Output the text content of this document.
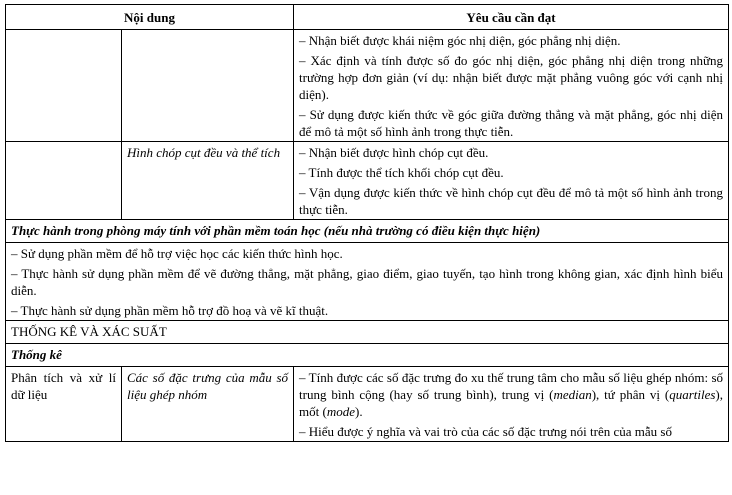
Nội dung		Yêu cầu cần đạt

		– Nhận biết được khái niệm góc nhị diện, góc phẳng nhị diện.

– Xác định và tính được số đo góc nhị diện, góc phẳng nhị diện trong những trường hợp đơn giản (ví dụ: nhận biết được mặt phẳng vuông góc với cạnh nhị diện).

– Sử dụng được kiến thức về góc giữa đường thẳng và mặt phẳng, góc nhị diện để mô tả một số hình ảnh trong thực tiễn.

	Hình chóp cụt đều và thể tích	– Nhận biết được hình chóp cụt đều.

– Tính được thể tích khối chóp cụt đều.

– Vận dụng được kiến thức về hình chóp cụt đều để mô tả một số hình ảnh trong thực tiễn.

Thực hành trong phòng máy tính với phần mềm toán học (nếu nhà trường có điều kiện thực hiện)		

– Sử dụng phần mềm để hỗ trợ việc học các kiến thức hình học.

– Thực hành sử dụng phần mềm để vẽ đường thẳng, mặt phẳng, giao điểm, giao tuyến, tạo hình trong không gian, xác định hình biểu diễn.

– Thực hành sử dụng phần mềm hỗ trợ đồ hoạ và vẽ kĩ thuật.		

THỐNG KÊ VÀ XÁC SUẤT		
Thống kê		
Phân tích và xử lí dữ liệu	Các số đặc trưng của mẫu số liệu ghép nhóm	– Tính được các số đặc trưng đo xu thế trung tâm cho mẫu số liệu ghép nhóm: số trung bình cộng (hay số trung bình), trung vị (median), tứ phân vị (quartiles), mốt (mode).

– Hiểu được ý nghĩa và vai trò của các số đặc trưng nói trên của mẫu số
